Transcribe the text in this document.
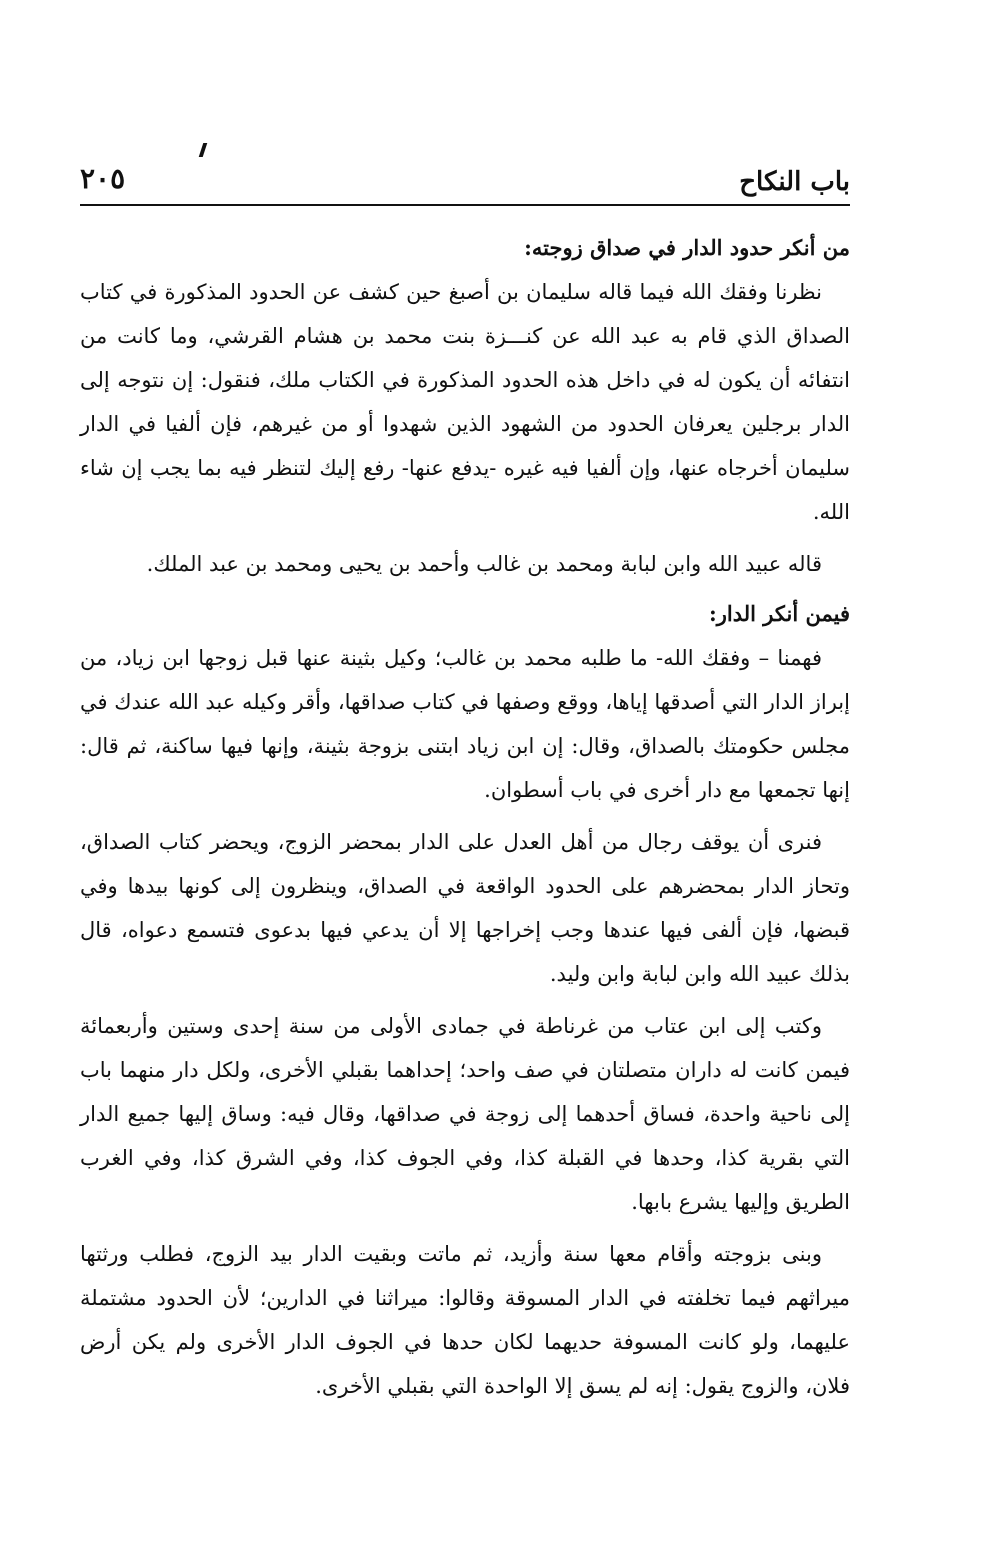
باب النكاح
٢٠٥
من أنكر حدود الدار في صداق زوجته:

نظرنا وفقك الله فيما قاله سليمان بن أصبغ حين كشف عن الحدود المذكورة في كتاب الصداق الذي قام به عبد الله عن كنـــزة بنت محمد بن هشام القرشي، وما كانت من انتفائه أن يكون له في داخل هذه الحدود المذكورة في الكتاب ملك، فنقول: إن نتوجه إلى الدار برجلين يعرفان الحدود من الشهود الذين شهدوا أو من غيرهم، فإن ألفيا في الدار سليمان أخرجاه عنها، وإن ألفيا فيه غيره -يدفع عنها- رفع إليك لتنظر فيه بما يجب إن شاء الله.

قاله عبيد الله وابن لبابة ومحمد بن غالب وأحمد بن يحيى ومحمد بن عبد الملك.

فيمن أنكر الدار:

فهمنا – وفقك الله- ما طلبه محمد بن غالب؛ وكيل بثينة عنها قبل زوجها ابن زياد، من إبراز الدار التي أصدقها إياها، ووقع وصفها في كتاب صداقها، وأقر وكيله عبد الله عندك في مجلس حكومتك بالصداق، وقال: إن ابن زياد ابتنى بزوجة بثينة، وإنها فيها ساكنة، ثم قال: إنها تجمعها مع دار أخرى في باب أسطوان.

فنرى أن يوقف رجال من أهل العدل على الدار بمحضر الزوج، ويحضر كتاب الصداق، وتحاز الدار بمحضرهم على الحدود الواقعة في الصداق، وينظرون إلى كونها بيدها وفي قبضها، فإن ألفى فيها عندها وجب إخراجها إلا أن يدعي فيها بدعوى فتسمع دعواه، قال بذلك عبيد الله وابن لبابة وابن وليد.

وكتب إلى ابن عتاب من غرناطة في جمادى الأولى من سنة إحدى وستين وأربعمائة فيمن كانت له داران متصلتان في صف واحد؛ إحداهما بقبلي الأخرى، ولكل دار منهما باب إلى ناحية واحدة، فساق أحدهما إلى زوجة في صداقها، وقال فيه: وساق إليها جميع الدار التي بقرية كذا، وحدها في القبلة كذا، وفي الجوف كذا، وفي الشرق كذا، وفي الغرب الطريق وإليها يشرع بابها.

وبنى بزوجته وأقام معها سنة وأزيد، ثم ماتت وبقيت الدار بيد الزوج، فطلب ورثتها ميراثهم فيما تخلفته في الدار المسوقة وقالوا: ميراثنا في الدارين؛ لأن الحدود مشتملة عليهما، ولو كانت المسوفة حديهما لكان حدها في الجوف الدار الأخرى ولم يكن أرض فلان، والزوج يقول: إنه لم يسق إلا الواحدة التي بقبلي الأخرى.
